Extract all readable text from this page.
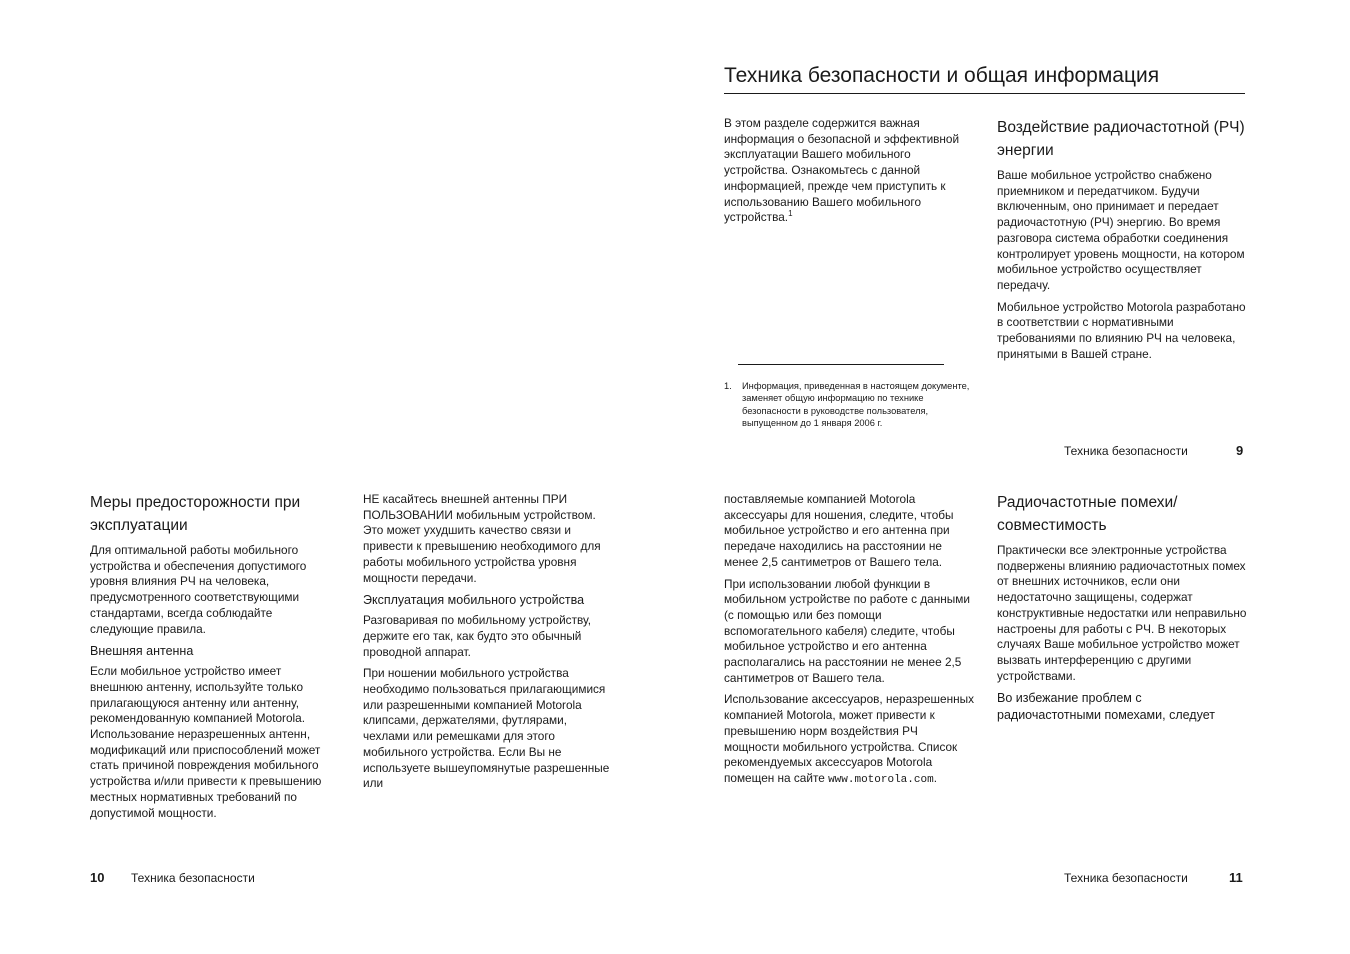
Техника безопасности и общая информация

В этом разделе содержится важная информация о безопасной и эффективной эксплуатации Вашего мобильного устройства. Ознакомьтесь с данной информацией, прежде чем приступить к использованию Вашего мобильного устройства.$^1$

1.	Информация, приведенная в настоящем документе, заменяет общую информацию по технике безопасности в руководстве пользователя, выпущенном до 1 января 2006 г.
Воздействие радиочастотной (РЧ) энергии

Ваше мобильное устройство снабжено приемником и передатчиком. Будучи включенным, оно принимает и передает радиочастотную (РЧ) энергию. Во время разговора система обработки соединения контролирует уровень мощности, на котором мобильное устройство осуществляет передачу.

Мобильное устройство Motorola разработано в соответствии с нормативными требованиями по влиянию РЧ на человека, принятыми в Вашей стране.

Техника безопасности	9
Меры предосторожности при эксплуатации

Для оптимальной работы мобильного устройства и обеспечения допустимого уровня влияния РЧ на человека, предусмотренного соответствующими стандартами, всегда соблюдайте следующие правила.

Внешняя антенна

Если мобильное устройство имеет внешнюю антенну, используйте только прилагающуюся антенну или антенну, рекомендованную компанией Motorola. Использование неразрешенных антенн, модификаций или приспособлений может стать причиной повреждения мобильного устройства и/или привести к превышению местных нормативных требований по допустимой мощности.

НЕ касайтесь внешней антенны ПРИ ПОЛЬЗОВАНИИ мобильным устройством. Это может ухудшить качество связи и привести к превышению необходимого для работы мобильного устройства уровня мощности передачи.

Эксплуатация мобильного устройства

Разговаривая по мобильному устройству, держите его так, как будто это обычный проводной аппарат.

При ношении мобильного устройства необходимо пользоваться прилагающимися или разрешенными компанией Motorola клипсами, держателями, футлярами, чехлами или ремешками для этого мобильного устройства. Если Вы не используете вышеупомянутые разрешенные или

10 Техника безопасности

поставляемые компанией Motorola аксессуары для ношения, следите, чтобы мобильное устройство и его антенна при передаче находились на расстоянии не менее 2,5 сантиметров от Вашего тела.

При использовании любой функции в мобильном устройстве по работе с данными (с помощью или без помощи вспомогательного кабеля) следите, чтобы мобильное устройство и его антенна располагались на расстоянии не менее 2,5 сантиметров от Вашего тела.

Использование аксессуаров, неразрешенных компанией Motorola, может привести к превышению норм воздействия РЧ мощности мобильного устройства. Список рекомендуемых аксессуаров Motorola помещен на сайте www.motorola.com.

Радиочастотные помехи/ совместимость

Практически все электронные устройства подвержены влиянию радиочастотных помех от внешних источников, если они недостаточно защищены, содержат конструктивные недостатки или неправильно настроены для работы с РЧ. В некоторых случаях Ваше мобильное устройство может вызвать интерференцию с другими устройствами.

Во избежание проблем с радиочастотными помехами, следует

Техника безопасности	11
